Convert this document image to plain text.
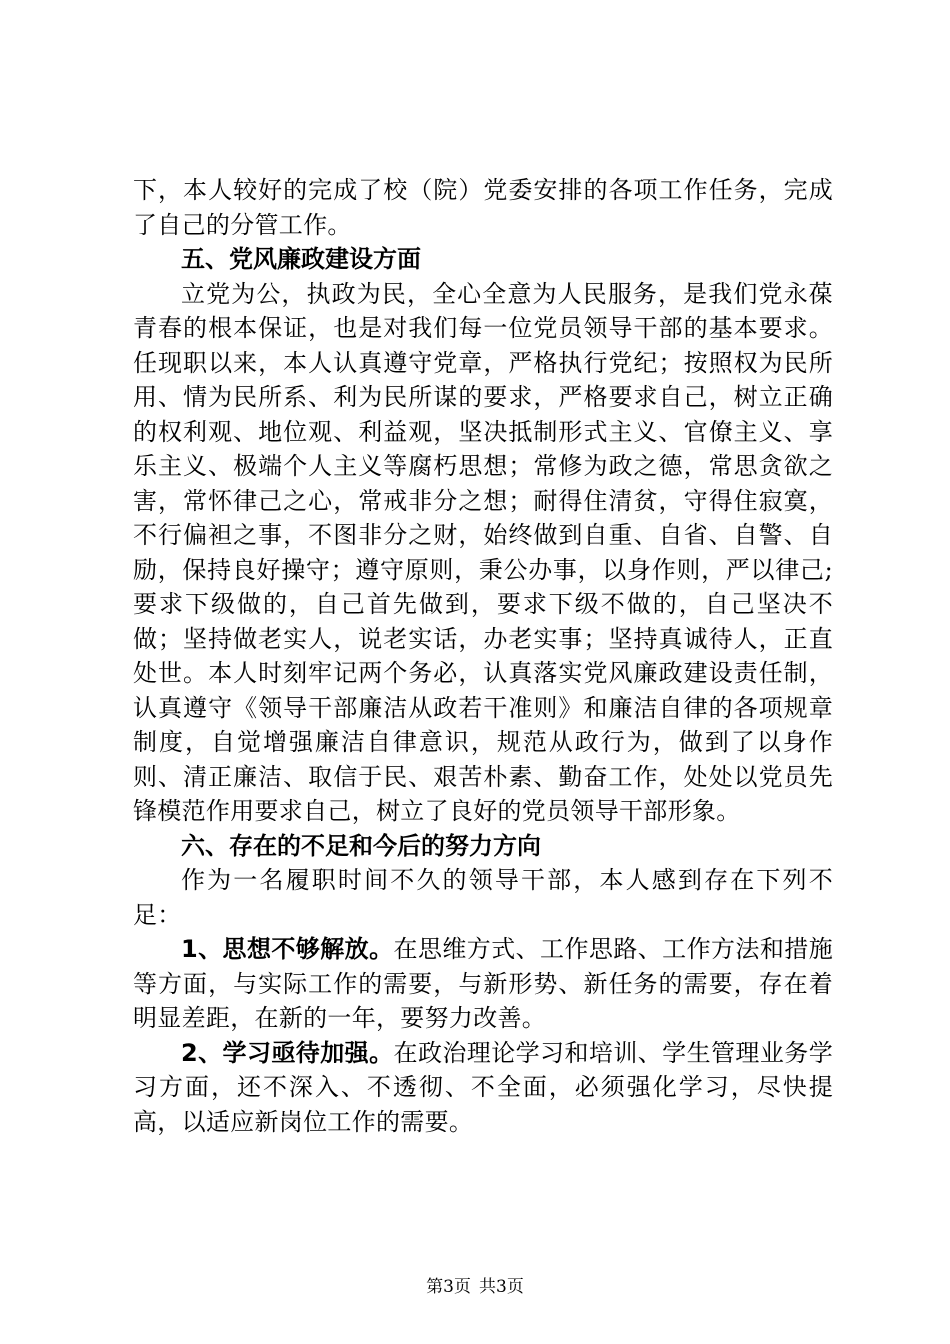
下，本人较好的完成了校（院）党委安排的各项工作任务，完成了自己的分管工作。

五、党风廉政建设方面

立党为公，执政为民，全心全意为人民服务，是我们党永葆青春的根本保证，也是对我们每一位党员领导干部的基本要求。任现职以来，本人认真遵守党章，严格执行党纪；按照权为民所用、情为民所系、利为民所谋的要求，严格要求自己，树立正确的权利观、地位观、利益观，坚决抵制形式主义、官僚主义、享乐主义、极端个人主义等腐朽思想；常修为政之德，常思贪欲之害，常怀律己之心，常戒非分之想；耐得住清贫，守得住寂寞，不行偏袒之事，不图非分之财，始终做到自重、自省、自警、自励，保持良好操守；遵守原则，秉公办事，以身作则，严以律己;要求下级做的，自己首先做到，要求下级不做的，自己坚决不做；坚持做老实人，说老实话，办老实事；坚持真诚待人，正直处世。本人时刻牢记两个务必，认真落实党风廉政建设责任制，认真遵守《领导干部廉洁从政若干准则》和廉洁自律的各项规章制度，自觉增强廉洁自律意识，规范从政行为，做到了以身作则、清正廉洁、取信于民、艰苦朴素、勤奋工作，处处以党员先锋模范作用要求自己，树立了良好的党员领导干部形象。

六、存在的不足和今后的努力方向

作为一名履职时间不久的领导干部，本人感到存在下列不足：

1、思想不够解放。在思维方式、工作思路、工作方法和措施等方面，与实际工作的需要，与新形势、新任务的需要，存在着明显差距，在新的一年，要努力改善。

2、学习亟待加强。在政治理论学习和培训、学生管理业务学习方面，还不深入、不透彻、不全面，必须强化学习，尽快提高，以适应新岗位工作的需要。

第3页 共3页
